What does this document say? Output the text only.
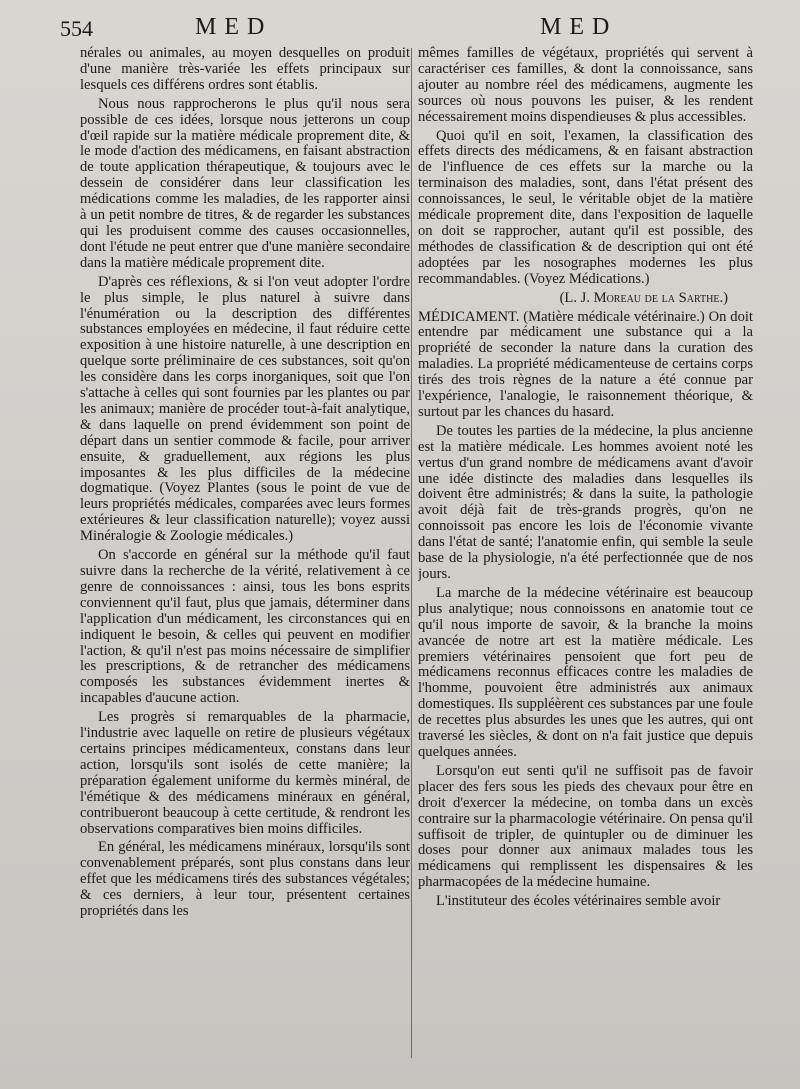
554	MED	MED

nérales ou animales, au moyen desquelles on produit d'une manière très-variée les effets principaux sur lesquels ces différens ordres sont établis.

Nous nous rapprocherons le plus qu'il nous sera possible de ces idées, lorsque nous jetterons un coup d'œil rapide sur la matière médicale proprement dite, & le mode d'action des médicamens, en faisant abstraction de toute application thérapeutique, & toujours avec le dessein de considérer dans leur classification les médications comme les maladies, de les rapporter ainsi à un petit nombre de titres, & de regarder les substances qui les produisent comme des causes occasionnelles, dont l'étude ne peut entrer que d'une manière secondaire dans la matière médicale proprement dite.

D'après ces réflexions, & si l'on veut adopter l'ordre le plus simple, le plus naturel à suivre dans l'énumération ou la description des différentes substances employées en médecine, il faut réduire cette exposition à une histoire naturelle, à une description en quelque sorte préliminaire de ces substances, soit qu'on les considère dans les corps inorganiques, soit que l'on s'attache à celles qui sont fournies par les plantes ou par les animaux; manière de procéder tout-à-fait analytique, & dans laquelle on prend évidemment son point de départ dans un sentier commode & facile, pour arriver ensuite, & graduellement, aux régions les plus imposantes & les plus difficiles de la médecine dogmatique. (Voyez Plantes (sous le point de vue de leurs propriétés médicales, comparées avec leurs formes extérieures & leur classification naturelle); voyez aussi Minéralogie & Zoologie médicales.)

On s'accorde en général sur la méthode qu'il faut suivre dans la recherche de la vérité, relativement à ce genre de connoissances : ainsi, tous les bons esprits conviennent qu'il faut, plus que jamais, déterminer dans l'application d'un médicament, les circonstances qui en indiquent le besoin, & celles qui peuvent en modifier l'action, & qu'il n'est pas moins nécessaire de simplifier les prescriptions, & de retrancher des médicamens composés les substances évidemment inertes & incapables d'aucune action.

Les progrès si remarquables de la pharmacie, l'industrie avec laquelle on retire de plusieurs végétaux certains principes médicamenteux, constans dans leur action, lorsqu'ils sont isolés de cette manière; la préparation également uniforme du kermès minéral, de l'émétique & des médicamens minéraux en général, contribueront beaucoup à cette certitude, & rendront les observations comparatives bien moins difficiles.

En général, les médicamens minéraux, lorsqu'ils sont convenablement préparés, sont plus constans dans leur effet que les médicamens tirés des substances végétales; & ces derniers, à leur tour, présentent certaines propriétés dans les

mêmes familles de végétaux, propriétés qui servent à caractériser ces familles, & dont la connoissance, sans ajouter au nombre réel des médicamens, augmente les sources où nous pouvons les puiser, & les rendent nécessairement moins dispendieuses & plus accessibles.

Quoi qu'il en soit, l'examen, la classification des effets directs des médicamens, & en faisant abstraction de l'influence de ces effets sur la marche ou la terminaison des maladies, sont, dans l'état présent des connoissances, le seul, le véritable objet de la matière médicale proprement dite, dans l'exposition de laquelle on doit se rapprocher, autant qu'il est possible, des méthodes de classification & de description qui ont été adoptées par les nosographes modernes les plus recommandables. (Voyez Médications.)

(L. J. Moreau de la Sarthe.)

MÉDICAMENT. (Matière médicale vétérinaire.) On doit entendre par médicament une substance qui a la propriété de seconder la nature dans la curation des maladies. La propriété médicamenteuse de certains corps tirés des trois règnes de la nature a été connue par l'expérience, l'analogie, le raisonnement théorique, & surtout par les chances du hasard.

De toutes les parties de la médecine, la plus ancienne est la matière médicale. Les hommes avoient noté les vertus d'un grand nombre de médicamens avant d'avoir une idée distincte des maladies dans lesquelles ils doivent être administrés; & dans la suite, la pathologie avoit déjà fait de très-grands progrès, qu'on ne connoissoit pas encore les lois de l'économie vivante dans l'état de santé; l'anatomie enfin, qui semble la seule base de la physiologie, n'a été perfectionnée que de nos jours.

La marche de la médecine vétérinaire est beaucoup plus analytique; nous connoissons en anatomie tout ce qu'il nous importe de savoir, & la branche la moins avancée de notre art est la matière médicale. Les premiers vétérinaires pensoient que fort peu de médicamens reconnus efficaces contre les maladies de l'homme, pouvoient être administrés aux animaux domestiques. Ils suppléèrent ces substances par une foule de recettes plus absurdes les unes que les autres, qui ont traversé les siècles, & dont on n'a fait justice que depuis quelques années.

Lorsqu'on eut senti qu'il ne suffisoit pas de favoir placer des fers sous les pieds des chevaux pour être en droit d'exercer la médecine, on tomba dans un excès contraire sur la pharmacologie vétérinaire. On pensa qu'il suffisoit de tripler, de quintupler ou de diminuer les doses pour donner aux animaux malades tous les médicamens qui remplissent les dispensaires & les pharmacopées de la médecine humaine.

L'instituteur des écoles vétérinaires semble avoir
